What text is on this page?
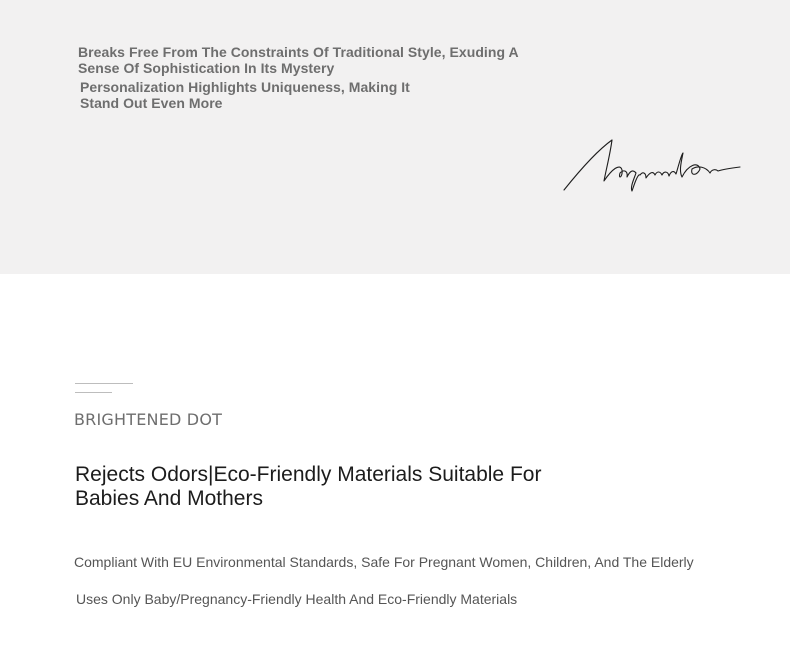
Breaks Free From The Constraints Of Traditional Style, Exuding A Sense Of Sophistication In Its Mystery
Personalization Highlights Uniqueness, Making It Stand Out Even More
BRIGHTENED DOT
Rejects Odors|Eco-Friendly Materials Suitable For Babies And Mothers
Compliant With EU Environmental Standards, Safe For Pregnant Women, Children, And The Elderly
Uses Only Baby/Pregnancy-Friendly Health And Eco-Friendly Materials
